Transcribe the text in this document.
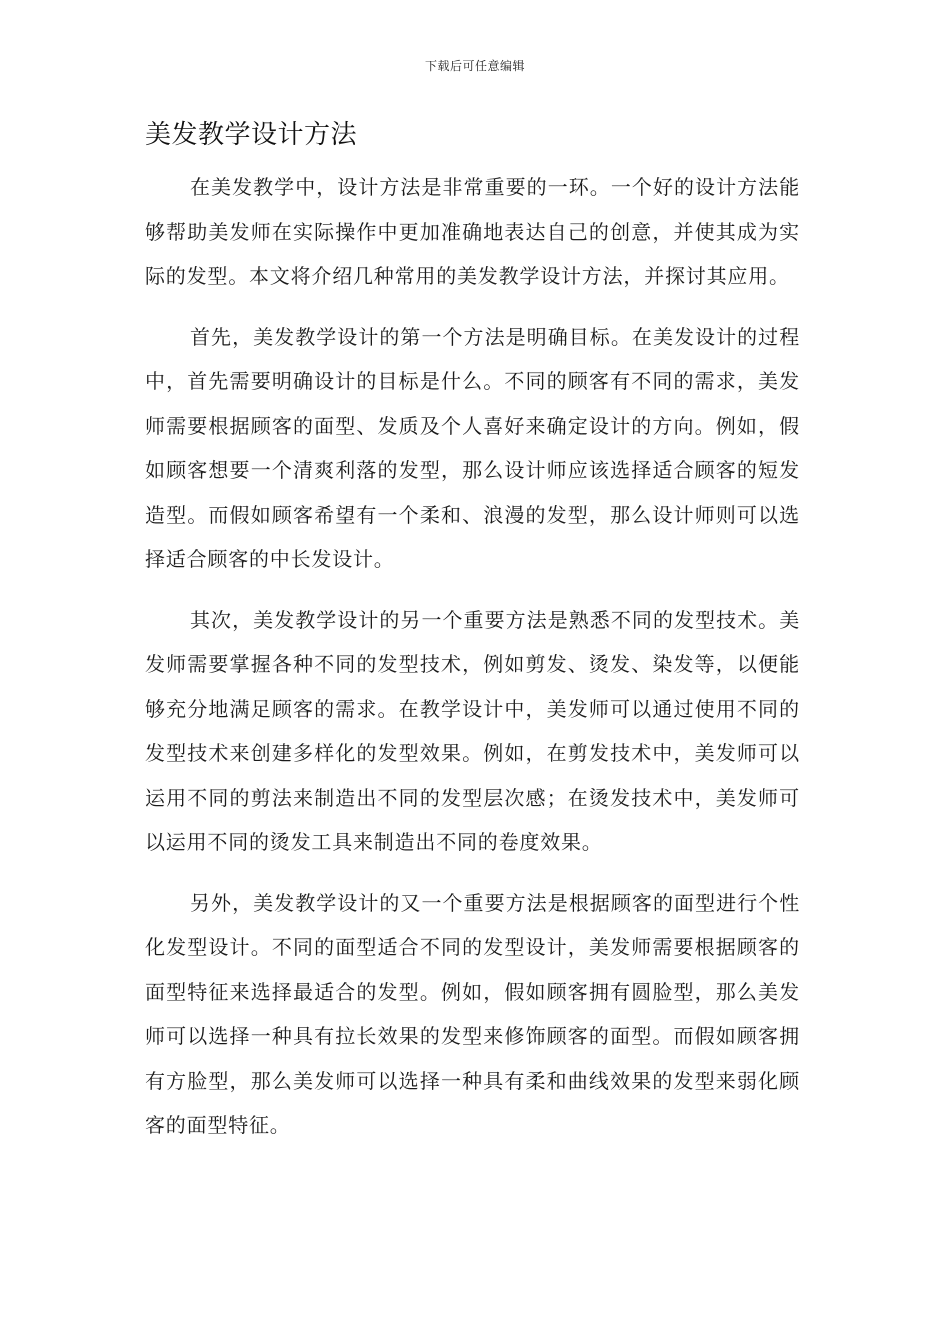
下载后可任意编辑
美发教学设计方法

在美发教学中，设计方法是非常重要的一环。一个好的设计方法能够帮助美发师在实际操作中更加准确地表达自己的创意，并使其成为实际的发型。本文将介绍几种常用的美发教学设计方法，并探讨其应用。

首先，美发教学设计的第一个方法是明确目标。在美发设计的过程中，首先需要明确设计的目标是什么。不同的顾客有不同的需求，美发师需要根据顾客的面型、发质及个人喜好来确定设计的方向。例如，假如顾客想要一个清爽利落的发型，那么设计师应该选择适合顾客的短发造型。而假如顾客希望有一个柔和、浪漫的发型，那么设计师则可以选择适合顾客的中长发设计。

其次，美发教学设计的另一个重要方法是熟悉不同的发型技术。美发师需要掌握各种不同的发型技术，例如剪发、烫发、染发等，以便能够充分地满足顾客的需求。在教学设计中，美发师可以通过使用不同的发型技术来创建多样化的发型效果。例如，在剪发技术中，美发师可以运用不同的剪法来制造出不同的发型层次感；在烫发技术中，美发师可以运用不同的烫发工具来制造出不同的卷度效果。

另外，美发教学设计的又一个重要方法是根据顾客的面型进行个性化发型设计。不同的面型适合不同的发型设计，美发师需要根据顾客的面型特征来选择最适合的发型。例如，假如顾客拥有圆脸型，那么美发师可以选择一种具有拉长效果的发型来修饰顾客的面型。而假如顾客拥有方脸型，那么美发师可以选择一种具有柔和曲线效果的发型来弱化顾客的面型特征。
